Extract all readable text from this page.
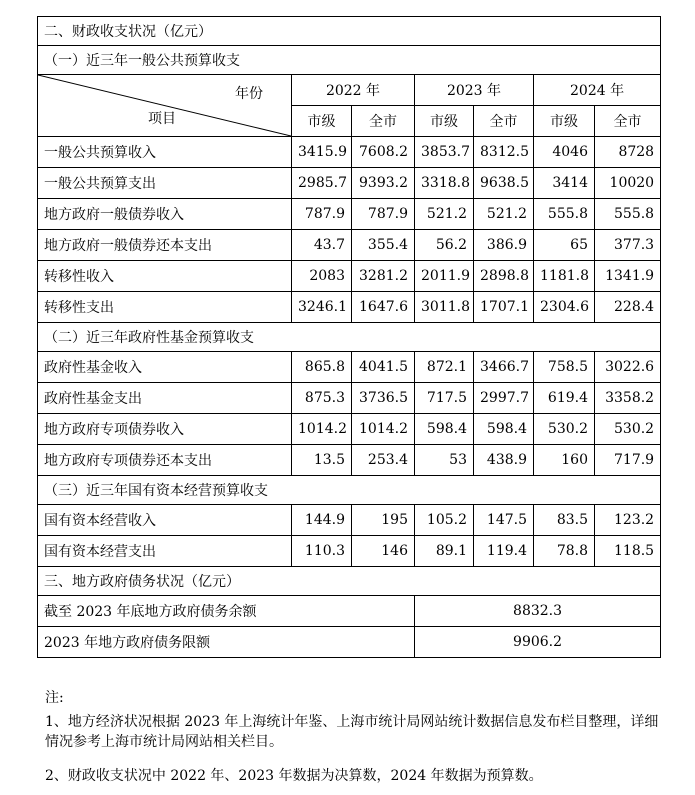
二、财政收支状况（亿元）						
（一）近三年一般公共预算收支						

年份
项目	2022 年		2023 年		2024 年	
	市级	全市	市级	全市	市级	全市
一般公共预算收入	3415.9	7608.2	3853.7	8312.5	4046	8728
一般公共预算支出	2985.7	9393.2	3318.8	9638.5	3414	10020
地方政府一般债券收入	787.9	787.9	521.2	521.2	555.8	555.8
地方政府一般债券还本支出	43.7	355.4	56.2	386.9	65	377.3
转移性收入	2083	3281.2	2011.9	2898.8	1181.8	1341.9
转移性支出	3246.1	1647.6	3011.8	1707.1	2304.6	228.4
（二）近三年政府性基金预算收支						
政府性基金收入	865.8	4041.5	872.1	3466.7	758.5	3022.6
政府性基金支出	875.3	3736.5	717.5	2997.7	619.4	3358.2
地方政府专项债券收入	1014.2	1014.2	598.4	598.4	530.2	530.2
地方政府专项债券还本支出	13.5	253.4	53	438.9	160	717.9
（三）近三年国有资本经营预算收支						
国有资本经营收入	144.9	195	105.2	147.5	83.5	123.2
国有资本经营支出	110.3	146	89.1	119.4	78.8	118.5
三、地方政府债务状况（亿元）						
截至 2023 年底地方政府债务余额			8832.3			
2023 年地方政府债务限额			9906.2			

注:

1、地方经济状况根据 2023 年上海统计年鉴、上海市统计局网站统计数据信息发布栏目整理，详细情况参考上海市统计局网站相关栏目。

2、财政收支状况中 2022 年、2023 年数据为决算数，2024 年数据为预算数。
